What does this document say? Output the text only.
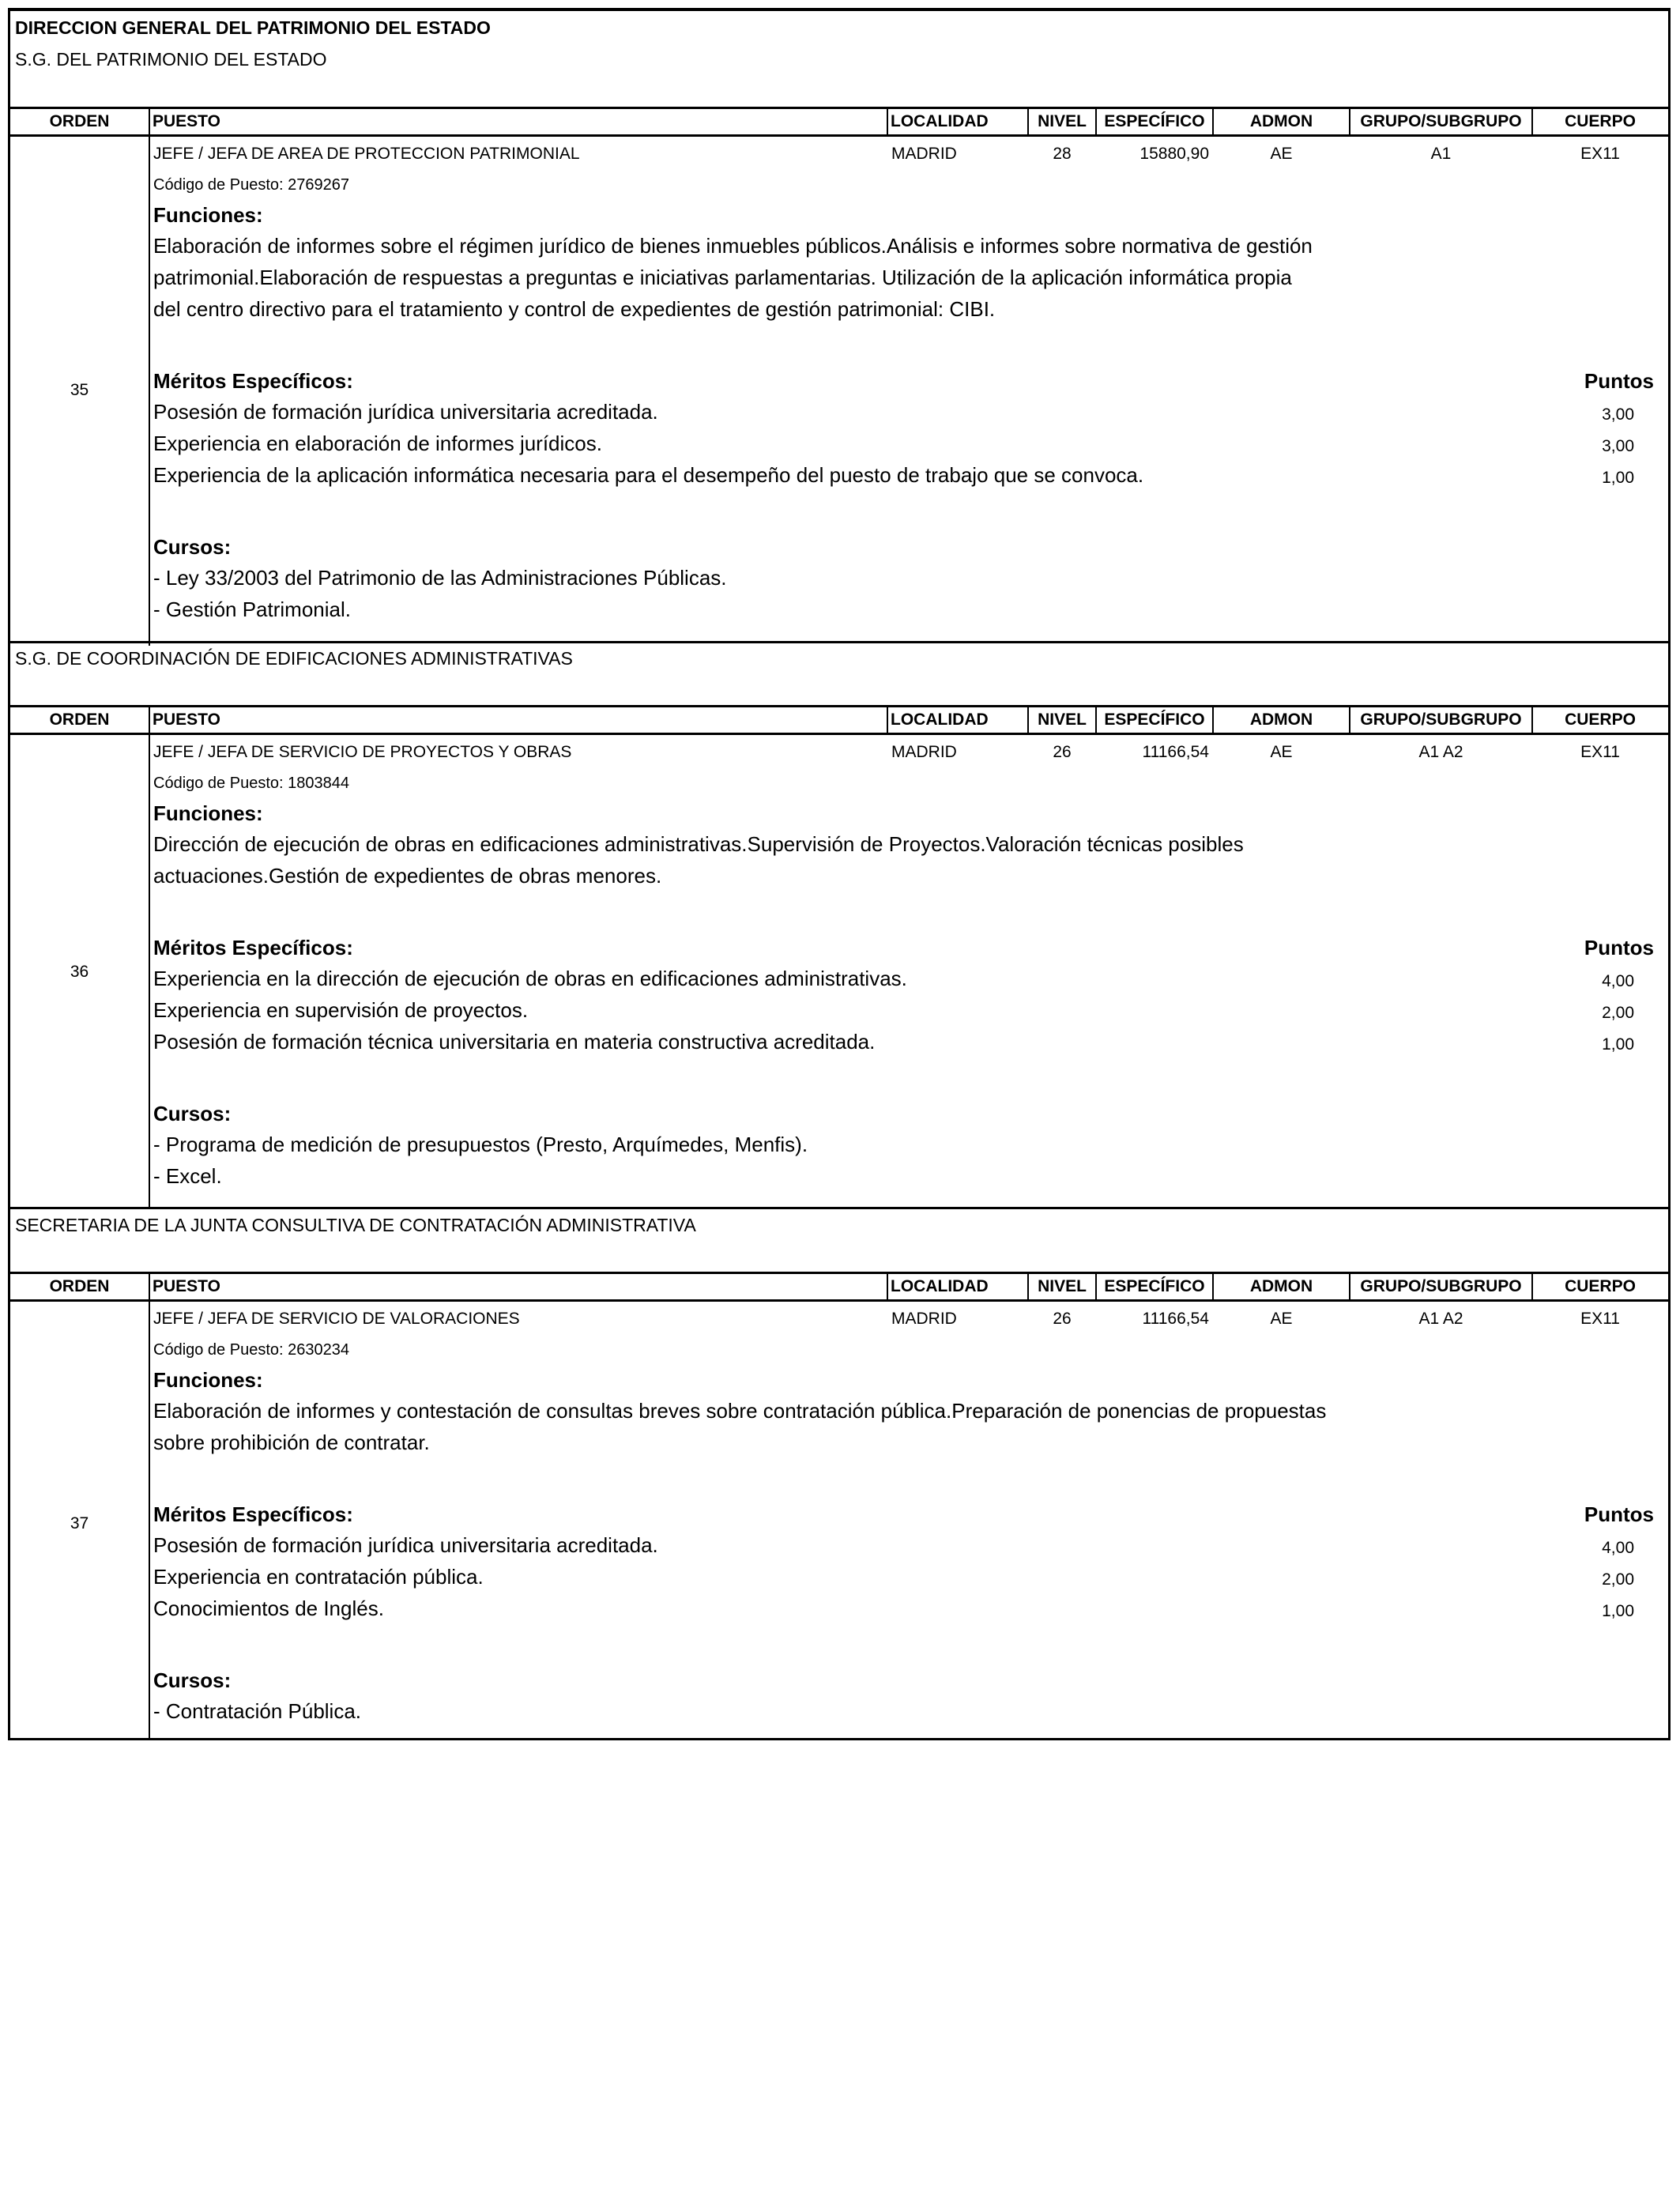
DIRECCION GENERAL DEL PATRIMONIO DEL ESTADO
S.G. DEL PATRIMONIO DEL ESTADO
ORDEN	PUESTO	LOCALIDAD	NIVEL	ESPECÍFICO	ADMON	GRUPO/SUBGRUPO	CUERPO
35
JEFE / JEFA DE AREA DE PROTECCION PATRIMONIAL	MADRID	28	15880,90	AE	A1	EX11
Código de Puesto: 2769267
Funciones:
Elaboración de informes sobre el régimen jurídico de bienes inmuebles públicos.Análisis e informes sobre normativa de gestión
patrimonial.Elaboración de respuestas a preguntas e iniciativas parlamentarias. Utilización de la aplicación informática propia
del centro directivo para el tratamiento y control de expedientes de gestión patrimonial: CIBI.
Méritos Específicos:	Puntos
Posesión de formación jurídica universitaria acreditada.	3,00
Experiencia en elaboración de informes jurídicos.	3,00
Experiencia de la aplicación informática necesaria para el desempeño del puesto de trabajo que se convoca.	1,00
Cursos:
- Ley 33/2003 del Patrimonio de las Administraciones Públicas.
- Gestión Patrimonial.
S.G. DE COORDINACIÓN DE EDIFICACIONES ADMINISTRATIVAS
ORDEN	PUESTO	LOCALIDAD	NIVEL	ESPECÍFICO	ADMON	GRUPO/SUBGRUPO	CUERPO
36
JEFE / JEFA DE SERVICIO DE PROYECTOS Y OBRAS	MADRID	26	11166,54	AE	A1 A2	EX11
Código de Puesto: 1803844
Funciones:
Dirección de ejecución de obras en edificaciones administrativas.Supervisión de Proyectos.Valoración técnicas posibles
actuaciones.Gestión de expedientes de obras menores.
Méritos Específicos:	Puntos
Experiencia en la dirección de ejecución de obras en edificaciones administrativas.	4,00
Experiencia en supervisión de proyectos.	2,00
Posesión de formación técnica universitaria en materia constructiva acreditada.	1,00
Cursos:
- Programa de medición de presupuestos (Presto, Arquímedes, Menfis).
- Excel.
SECRETARIA DE LA JUNTA CONSULTIVA DE CONTRATACIÓN ADMINISTRATIVA
ORDEN	PUESTO	LOCALIDAD	NIVEL	ESPECÍFICO	ADMON	GRUPO/SUBGRUPO	CUERPO
37
JEFE / JEFA DE SERVICIO DE VALORACIONES	MADRID	26	11166,54	AE	A1 A2	EX11
Código de Puesto: 2630234
Funciones:
Elaboración de informes y contestación de consultas breves sobre contratación pública.Preparación de ponencias de propuestas
sobre prohibición de contratar.
Méritos Específicos:	Puntos
Posesión de formación jurídica universitaria acreditada.	4,00
Experiencia en contratación pública.	2,00
Conocimientos de Inglés.	1,00
Cursos:
- Contratación Pública.
